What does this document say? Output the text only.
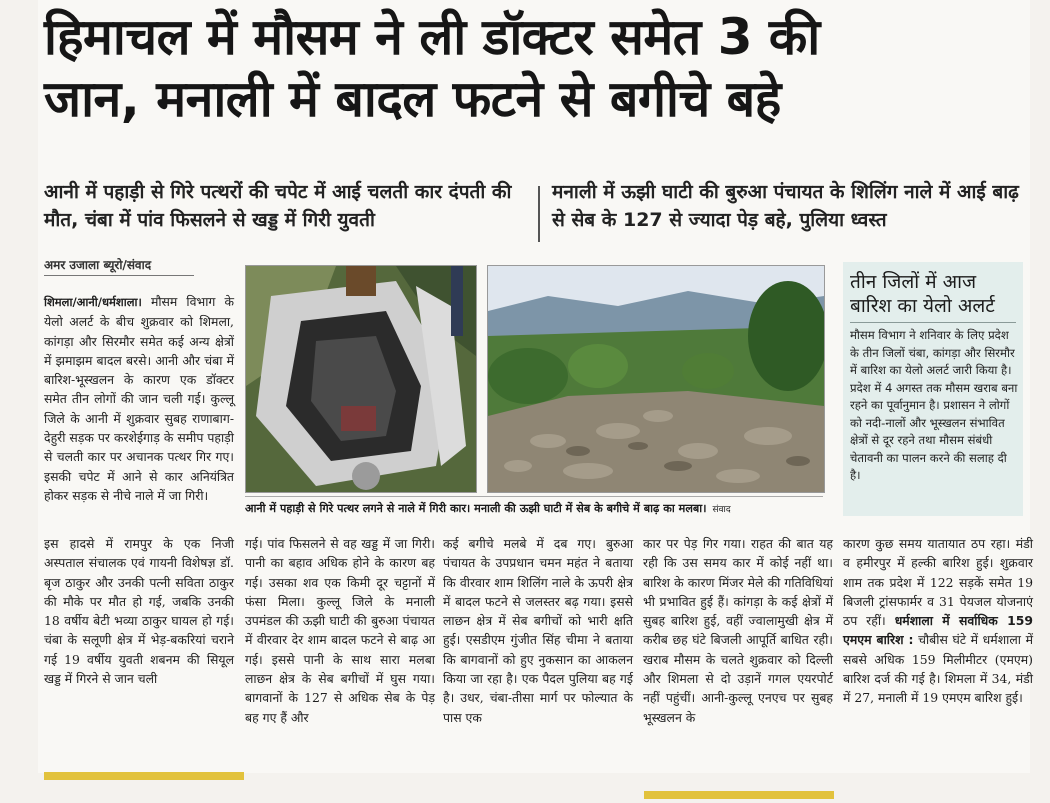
हिमाचल में मौसम ने ली डॉक्टर समेत 3 की
जान, मनाली में बादल फटने से बगीचे बहे
आनी में पहाड़ी से गिरे पत्थरों की चपेट में आई चलती कार दंपती की मौत, चंबा में पांव फिसलने से खड्ड में गिरी युवती
मनाली में ऊझी घाटी की बुरुआ पंचायत के शिलिंग नाले में आई बाढ़ से सेब के 127 से ज्यादा पेड़ बहे, पुलिया ध्वस्त
अमर उजाला ब्यूरो/संवाद
शिमला/आनी/धर्मशाला। मौसम विभाग के येलो अलर्ट के बीच शुक्रवार को शिमला, कांगड़ा और सिरमौर समेत कई अन्य क्षेत्रों में झमाझम बादल बरसे। आनी और चंबा में बारिश-भूस्खलन के कारण एक डॉक्टर समेत तीन लोगों की जान चली गई। कुल्लू जिले के आनी में शुक्रवार सुबह राणाबाग- देहुरी सड़क पर करशेईगाड़ के समीप पहाड़ी से चलती कार पर अचानक पत्थर गिर गए। इसकी चपेट में आने से कार अनियंत्रित होकर सड़क से नीचे नाले में जा गिरी।
आनी में पहाड़ी से गिरे पत्थर लगने से नाले में गिरी कार। मनाली की ऊझी घाटी में सेब के बगीचे में बाढ़ का मलबा। संवाद
तीन जिलों में आज बारिश का येलो अलर्ट
मौसम विभाग ने शनिवार के लिए प्रदेश के तीन जिलों चंबा, कांगड़ा और सिरमौर में बारिश का येलो अलर्ट जारी किया है। प्रदेश में 4 अगस्त तक मौसम खराब बना रहने का पूर्वानुमान है। प्रशासन ने लोगों को नदी-नालों और भूस्खलन संभावित क्षेत्रों से दूर रहने तथा मौसम संबंधी चेतावनी का पालन करने की सलाह दी है।
इस हादसे में रामपुर के एक निजी अस्पताल संचालक एवं गायनी विशेषज्ञ डॉ. बृज ठाकुर और उनकी पत्नी सविता ठाकुर की मौके पर मौत हो गई, जबकि उनकी 18 वर्षीय बेटी भव्या ठाकुर घायल हो गई। चंबा के सलूणी क्षेत्र में भेड़-बकरियां चराने गई 19 वर्षीय युवती शबनम की सियूल खड्ड में गिरने से जान चली
गई। पांव फिसलने से वह खड्ड में जा गिरी। पानी का बहाव अधिक होने के कारण बह गई। उसका शव एक किमी दूर चट्टानों में फंसा मिला। कुल्लू जिले के मनाली उपमंडल की ऊझी घाटी की बुरुआ पंचायत में वीरवार देर शाम बादल फटने से बाढ़ आ गई। इससे पानी के साथ सारा मलबा लाछन क्षेत्र के सेब बगीचों में घुस गया। बागवानों के 127 से अधिक सेब के पेड़ बह गए हैं और
कई बगीचे मलबे में दब गए। बुरुआ पंचायत के उपप्रधान चमन महंत ने बताया कि वीरवार शाम शिलिंग नाले के ऊपरी क्षेत्र में बादल फटने से जलस्तर बढ़ गया। इससे लाछन क्षेत्र में सेब बगीचों को भारी क्षति हुई। एसडीएम गुंजीत सिंह चीमा ने बताया कि बागवानों को हुए नुकसान का आकलन किया जा रहा है। एक पैदल पुलिया बह गई है। उधर, चंबा-तीसा मार्ग पर फोल्यात के पास एक
कार पर पेड़ गिर गया। राहत की बात यह रही कि उस समय कार में कोई नहीं था। बारिश के कारण मिंजर मेले की गतिविधियां भी प्रभावित हुई हैं। कांगड़ा के कई क्षेत्रों में सुबह बारिश हुई, वहीं ज्वालामुखी क्षेत्र में करीब छह घंटे बिजली आपूर्ति बाधित रही। खराब मौसम के चलते शुक्रवार को दिल्ली और शिमला से दो उड़ानें गगल एयरपोर्ट नहीं पहुंचीं। आनी-कुल्लू एनएच पर सुबह भूस्खलन के
कारण कुछ समय यातायात ठप रहा। मंडी व हमीरपुर में हल्की बारिश हुई। शुक्रवार शाम तक प्रदेश में 122 सड़कें समेत 19 बिजली ट्रांसफार्मर व 31 पेयजल योजनाएं ठप रहीं। धर्मशाला में सर्वाधिक 159 एमएम बारिश : चौबीस घंटे में धर्मशाला में सबसे अधिक 159 मिलीमीटर (एमएम) बारिश दर्ज की गई है। शिमला में 34, मंडी में 27, मनाली में 19 एमएम बारिश हुई।
